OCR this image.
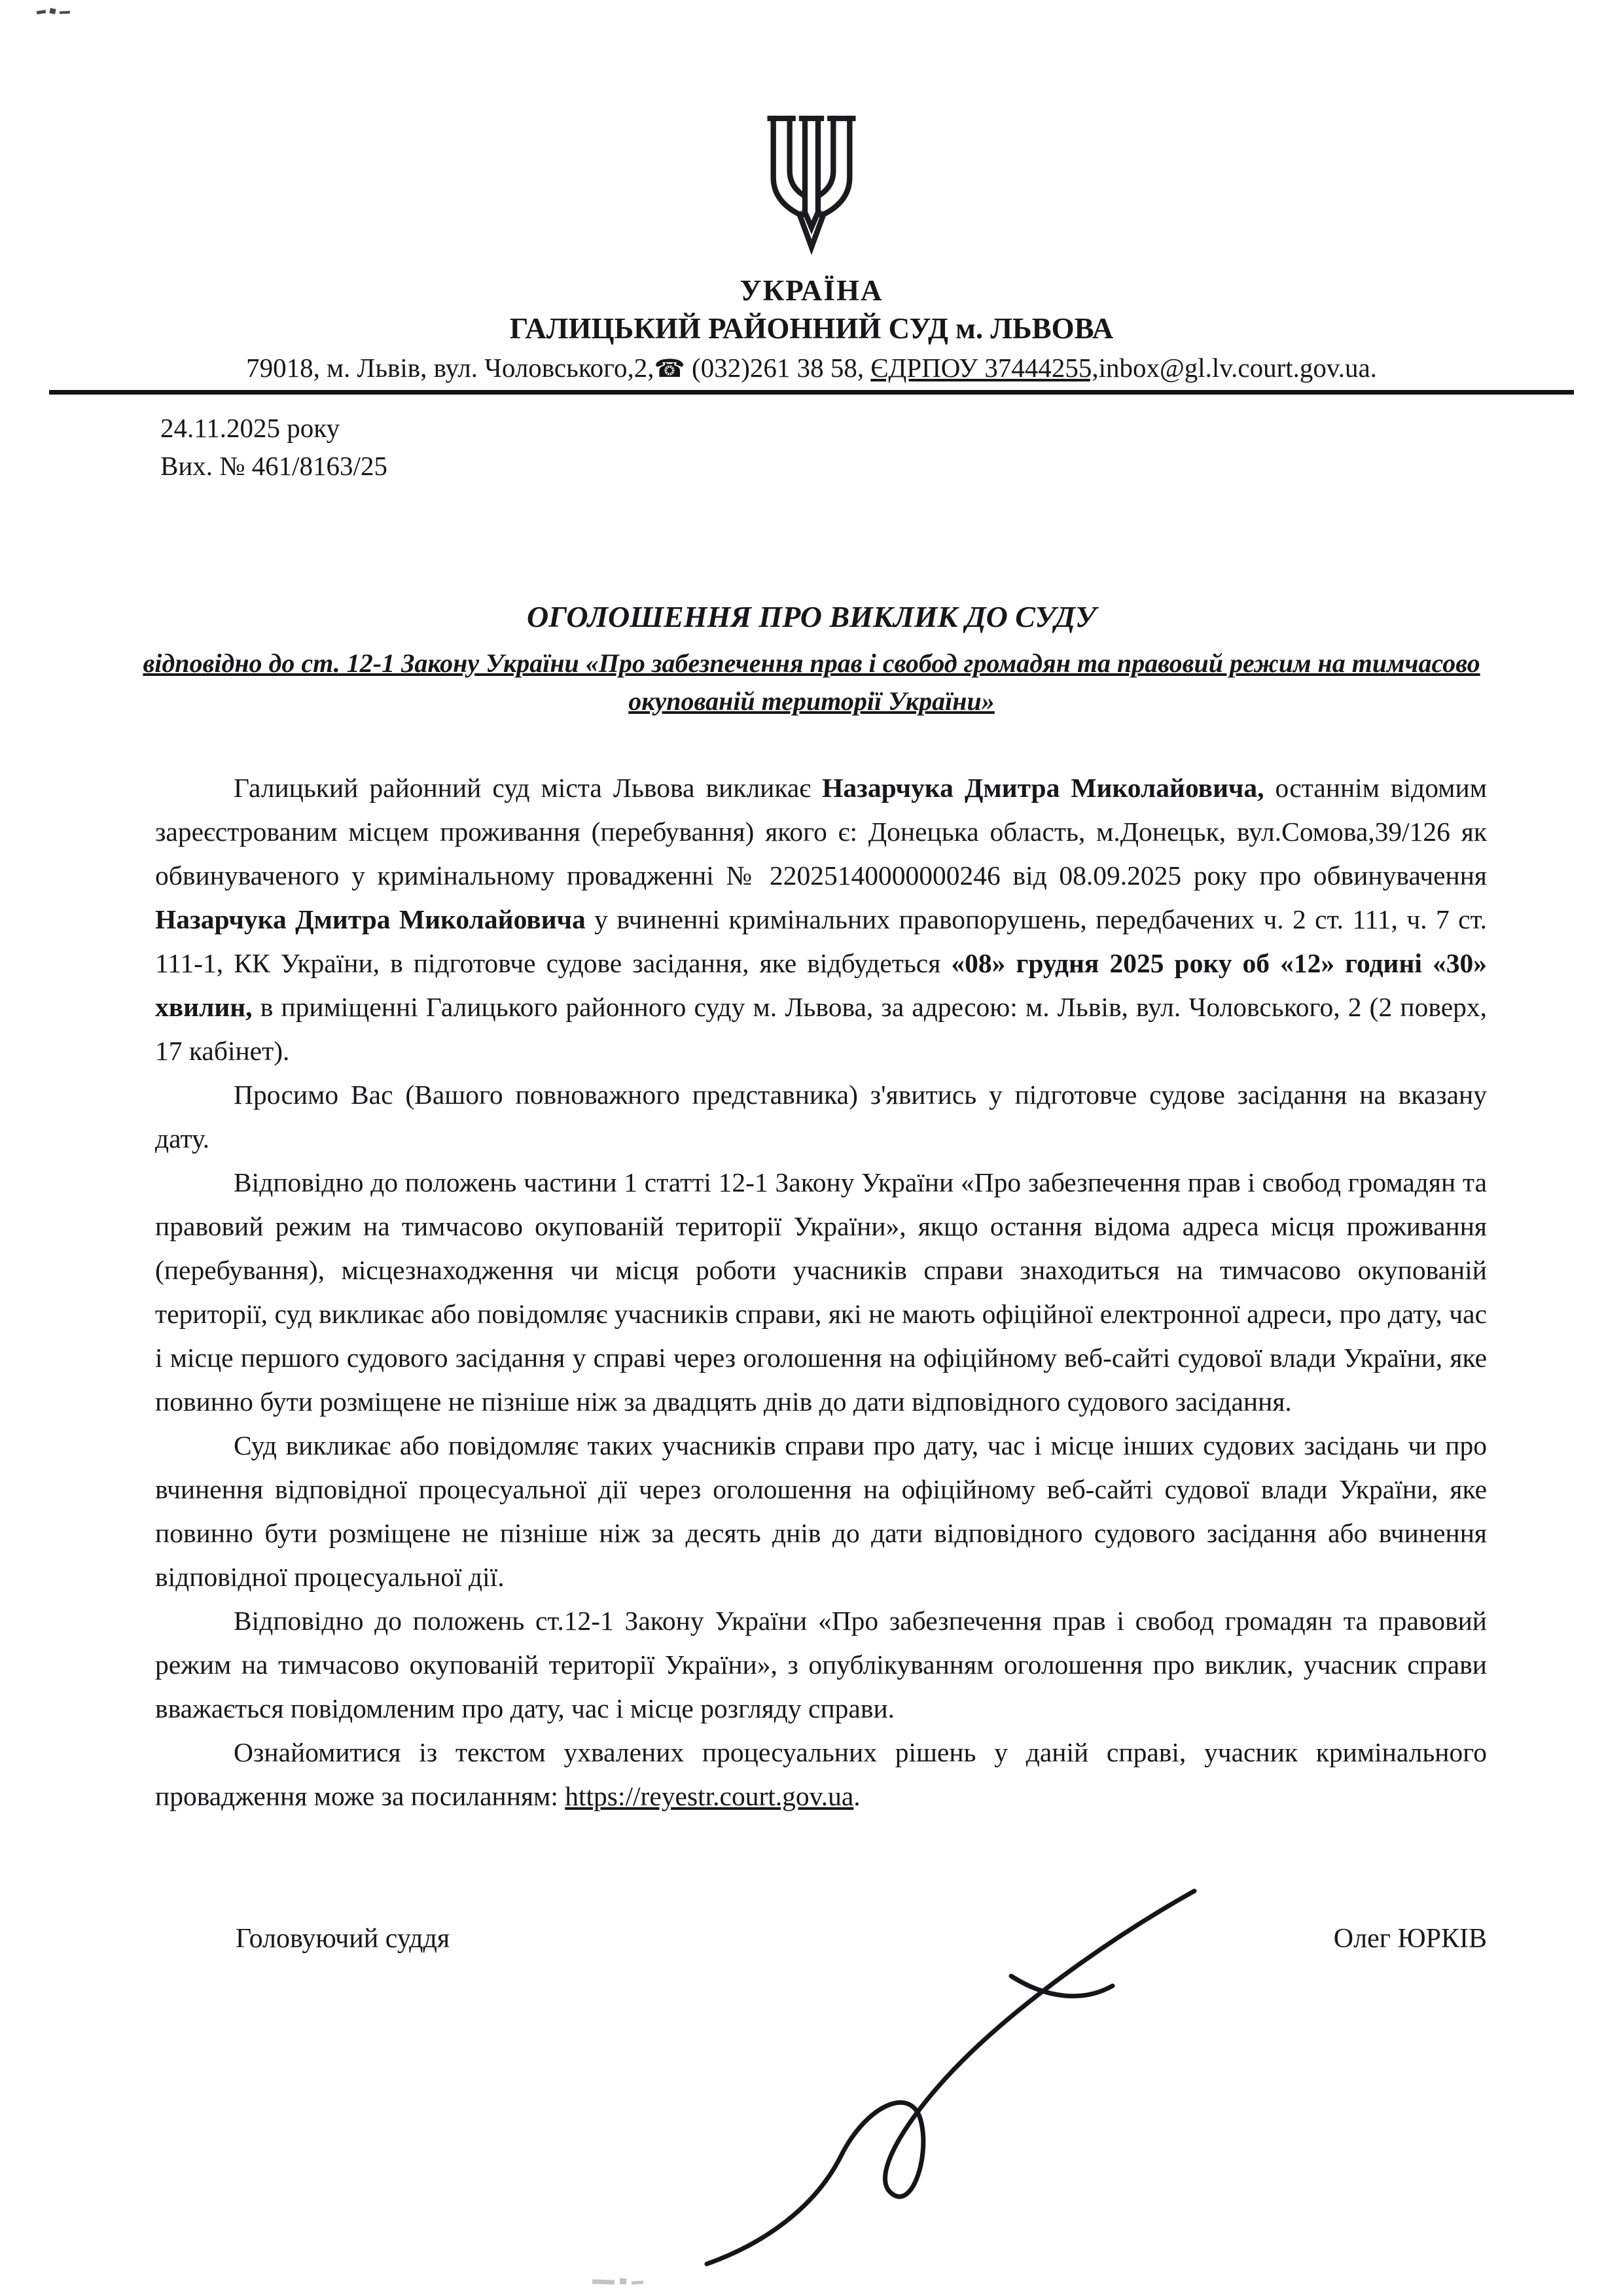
УКРАЇНА
ГАЛИЦЬКИЙ РАЙОННИЙ СУД м. ЛЬВОВА
79018, м. Львів, вул. Чоловського,2,☎ (032)261 38 58, ЄДРПОУ 37444255,inbox@gl.lv.court.gov.ua.
24.11.2025 року
Вих. № 461/8163/25
ОГОЛОШЕННЯ ПРО ВИКЛИК ДО СУДУ
відповідно до ст. 12-1 Закону України «Про забезпечення прав і свобод громадян та правовий режим на тимчасово окупованій території України»

Галицький районний суд міста Львова викликає Назарчука Дмитра Миколайовича, останнім відомим зареєстрованим місцем проживання (перебування) якого є: Донецька область, м.Донецьк, вул.Сомова,39/126 як обвинуваченого у кримінальному провадженні № 22025140000000246 від 08.09.2025 року про обвинувачення Назарчука Дмитра Миколайовича у вчиненні кримінальних правопорушень, передбачених ч. 2 ст. 111, ч. 7 ст. 111-1, КК України, в підготовче судове засідання, яке відбудеться «08» грудня 2025 року об «12» годині «30» хвилин, в приміщенні Галицького районного суду м. Львова, за адресою: м. Львів, вул. Чоловського, 2 (2 поверх, 17 кабінет).

Просимо Вас (Вашого повноважного представника) з'явитись у підготовче судове засідання на вказану дату.

Відповідно до положень частини 1 статті 12-1 Закону України «Про забезпечення прав і свобод громадян та правовий режим на тимчасово окупованій території України», якщо остання відома адреса місця проживання (перебування), місцезнаходження чи місця роботи учасників справи знаходиться на тимчасово окупованій території, суд викликає або повідомляє учасників справи, які не мають офіційної електронної адреси, про дату, час і місце першого судового засідання у справі через оголошення на офіційному веб-сайті судової влади України, яке повинно бути розміщене не пізніше ніж за двадцять днів до дати відповідного судового засідання.

Суд викликає або повідомляє таких учасників справи про дату, час і місце інших судових засідань чи про вчинення відповідної процесуальної дії через оголошення на офіційному веб-сайті судової влади України, яке повинно бути розміщене не пізніше ніж за десять днів до дати відповідного судового засідання або вчинення відповідної процесуальної дії.

Відповідно до положень ст.12-1 Закону України «Про забезпечення прав і свобод громадян та правовий режим на тимчасово окупованій території України», з опублікуванням оголошення про виклик, учасник справи вважається повідомленим про дату, час і місце розгляду справи.

Ознайомитися із текстом ухвалених процесуальних рішень у даній справі, учасник кримінального провадження може за посиланням: https://reyestr.court.gov.ua.

Головуючий суддя	Олег ЮРКІВ
